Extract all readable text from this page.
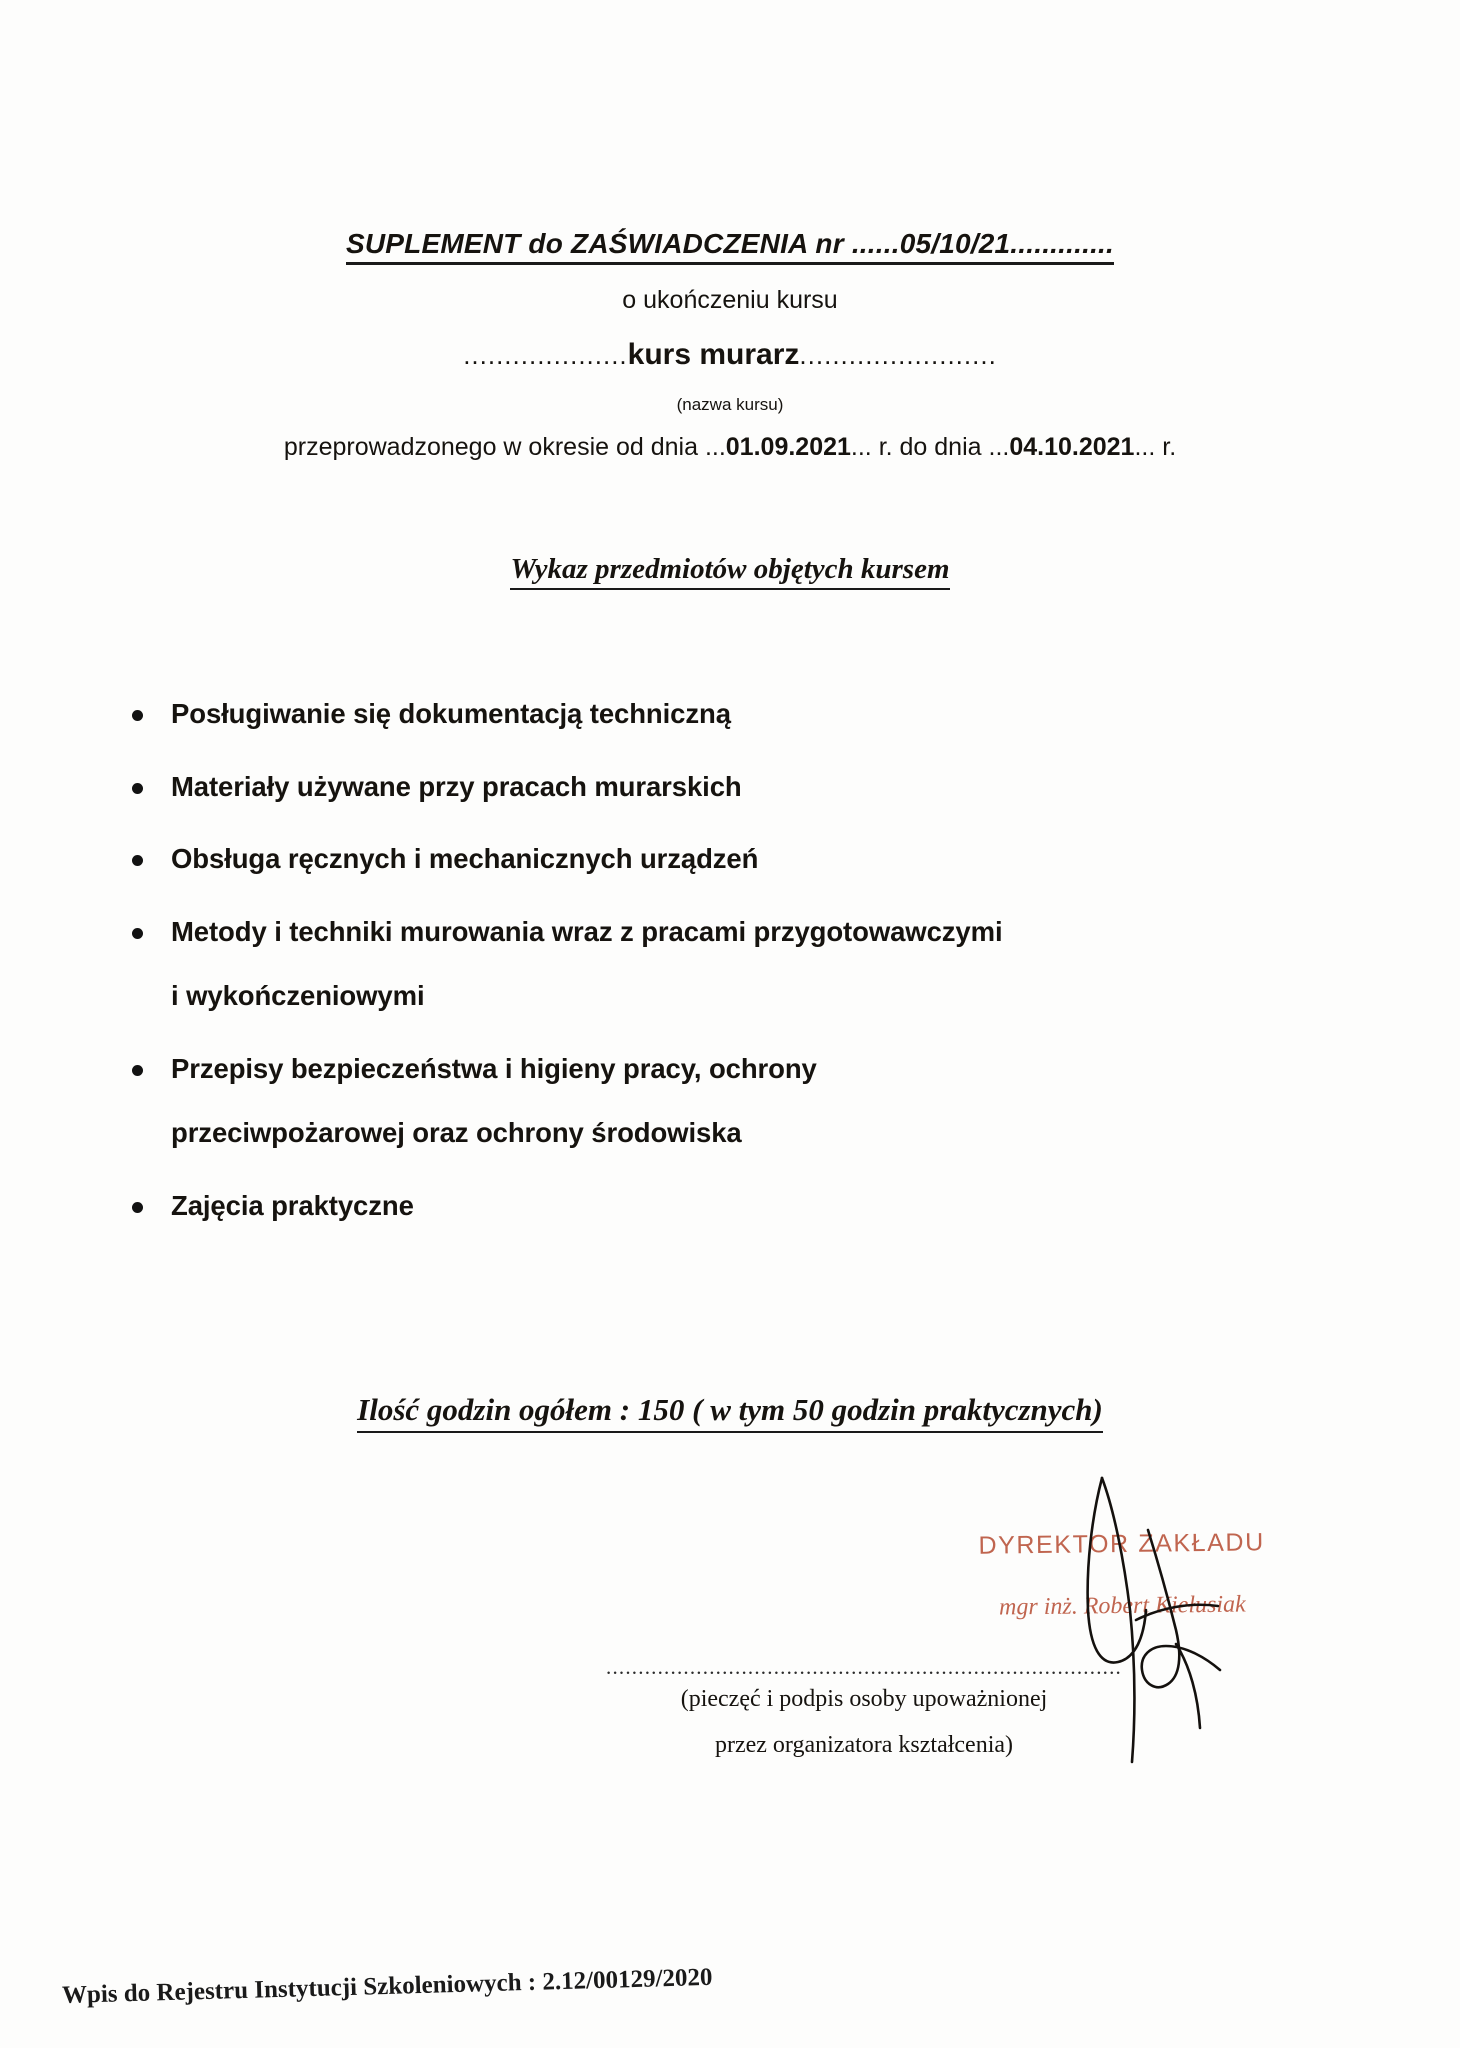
SUPLEMENT do ZAŚWIADCZENIA nr ......05/10/21.............
o ukończeniu kursu
....................kurs murarz........................
(nazwa kursu)
przeprowadzonego w okresie od dnia ...01.09.2021... r. do dnia ...04.10.2021... r.
Wykaz przedmiotów objętych kursem
Posługiwanie się dokumentacją techniczną
Materiały używane przy pracach murarskich
Obsługa ręcznych i mechanicznych urządzeń
Metody i techniki murowania wraz z pracami przygotowawczymi
i wykończeniowymi
Przepisy bezpieczeństwa i higieny pracy, ochrony
przeciwpożarowej oraz ochrony środowiska
Zajęcia praktyczne
Ilość godzin ogółem : 150 ( w tym 50 godzin praktycznych)
DYREKTOR ZAKŁADU
mgr inż. Robert Kiełusiak
................................................................................
(pieczęć i podpis osoby upoważnionej
przez organizatora kształcenia)
Wpis do Rejestru Instytucji Szkoleniowych : 2.12/00129/2020
